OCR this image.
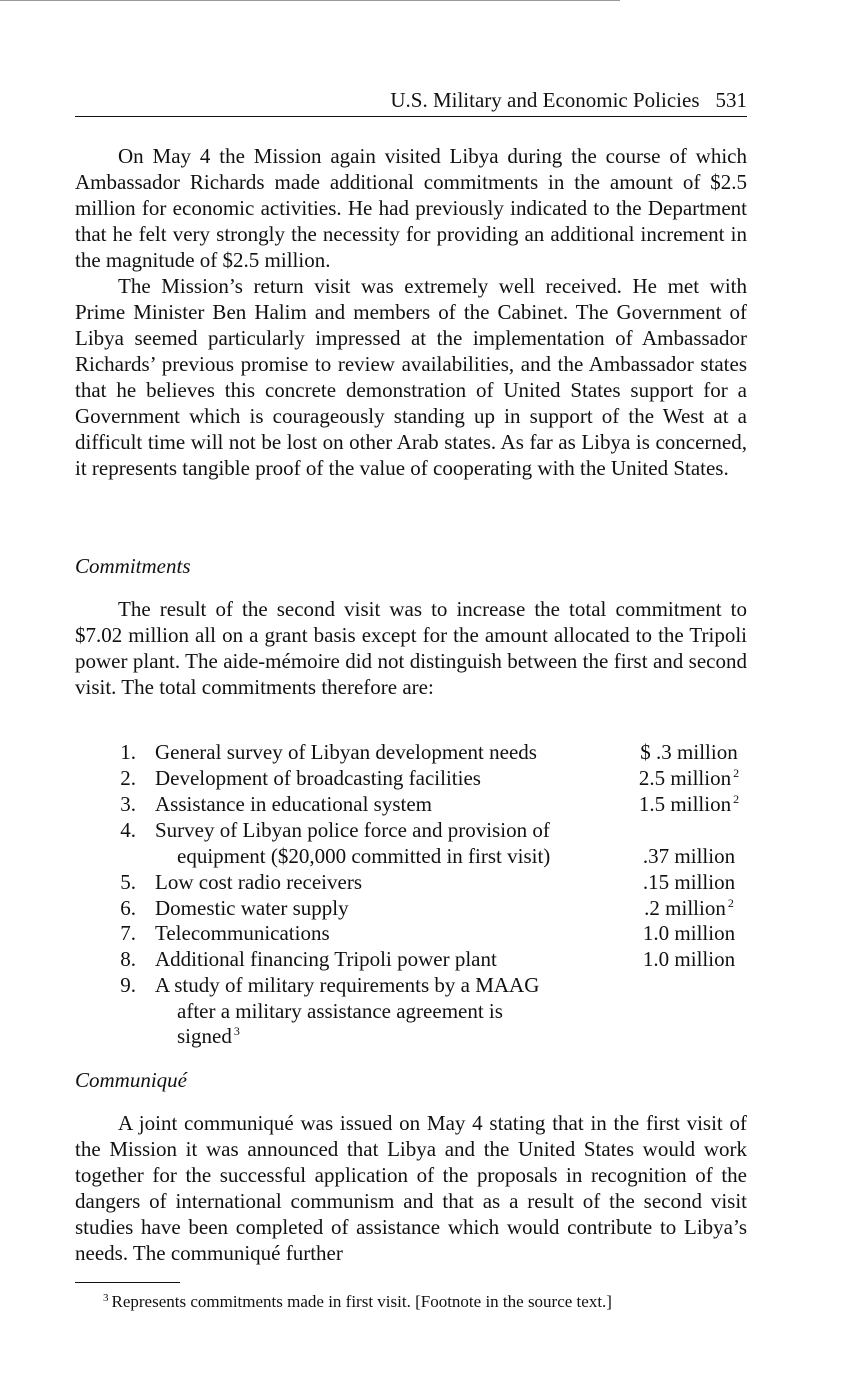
U.S. Military and Economic Policies 531

On May 4 the Mission again visited Libya during the course of which Ambassador Richards made additional commitments in the amount of $2.5 million for economic activities. He had previously indicated to the Department that he felt very strongly the necessity for providing an additional increment in the magnitude of $2.5 million.

The Mission’s return visit was extremely well received. He met with Prime Minister Ben Halim and members of the Cabinet. The Government of Libya seemed particularly impressed at the implementation of Ambassador Richards’ previous promise to review availabilities, and the Ambassador states that he believes this concrete demonstration of United States support for a Government which is courageously standing up in support of the West at a difficult time will not be lost on other Arab states. As far as Libya is concerned, it represents tangible proof of the value of cooperating with the United States.

Commitments

The result of the second visit was to increase the total commitment to $7.02 million all on a grant basis except for the amount allocated to the Tripoli power plant. The aide-mémoire did not distinguish between the first and second visit. The total commitments therefore are:

1. General survey of Libyan development needs	$ .3 million
2. Development of broadcasting facilities	2.5 million $^2$
3. Assistance in educational system	1.5 million $^2$
4. Survey of Libyan police force and provision of
equipment ($20,000 committed in first visit)	.37 million
5. Low cost radio receivers	.15 million
6. Domestic water supply	.2 million $^2$
7. Telecommunications	1.0 million
8. Additional financing Tripoli power plant	1.0 million
9. A study of military requirements by a MAAG
after a military assistance agreement is
signed $^3$

Communiqué

A joint communiqué was issued on May 4 stating that in the first visit of the Mission it was announced that Libya and the United States would work together for the successful application of the proposals in recognition of the dangers of international communism and that as a result of the second visit studies have been completed of assistance which would contribute to Libya’s needs. The communiqué further

$^3$ Represents commitments made in first visit. [Footnote in the source text.]
